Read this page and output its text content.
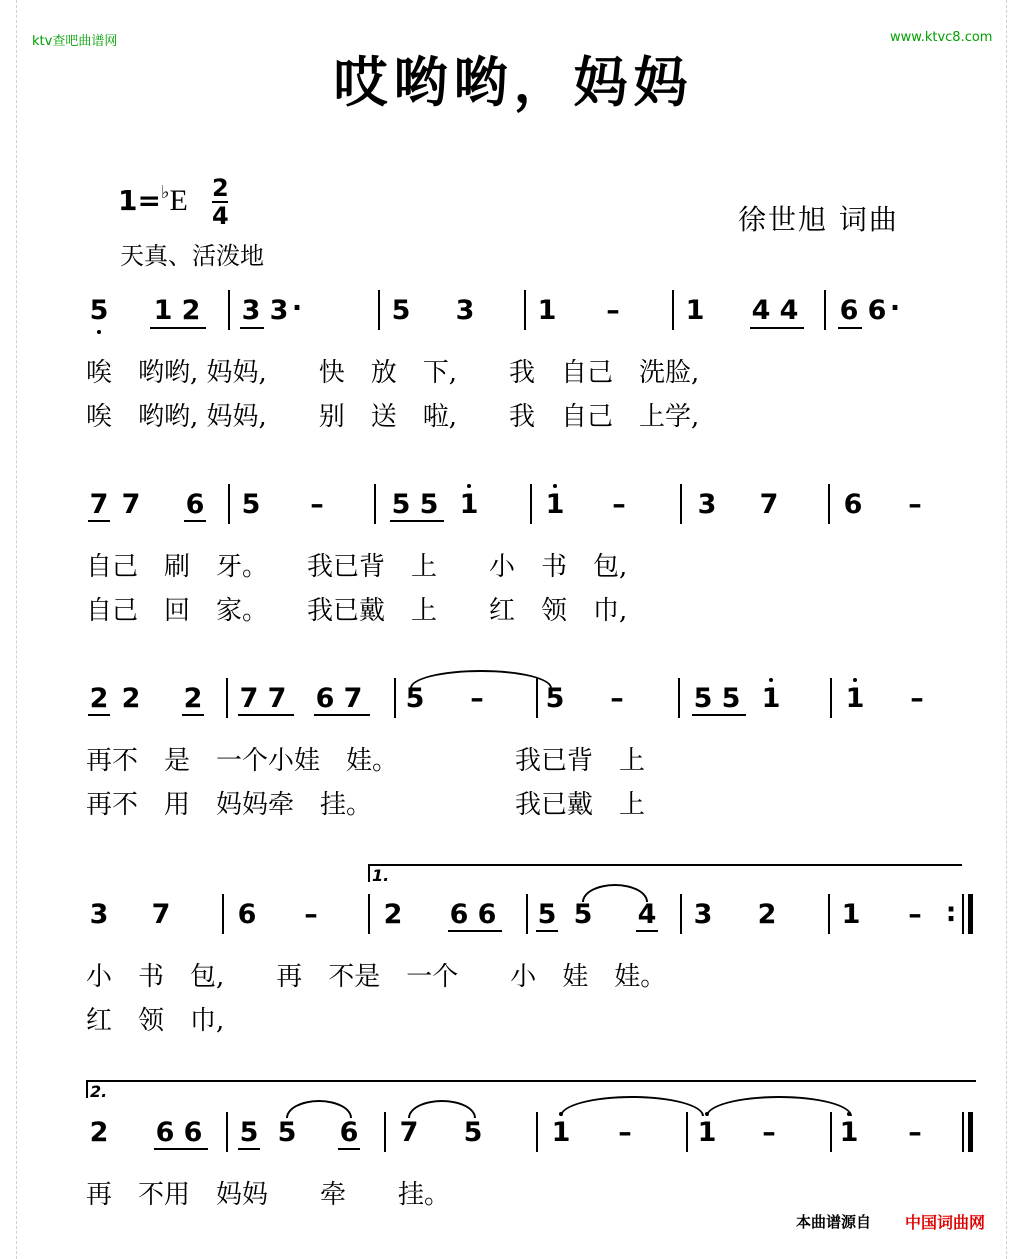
ktv查吧曲谱网	www.ktvc8.com
哎哟哟，妈妈
1=♭E 2
4
天真、活泼地
徐世旭 词曲
5 1 2 3 3 ·	5 3 1	–	1 4 4 6 6 ·
唉　哟哟, 妈妈,　　快　放　下,　　我　自己　洗脸,
唉　哟哟, 妈妈,　　别　送　啦,　　我　自己　上学,
7 7 6 5	–	5 5 1 1	–	3 7 6	–
自己　刷　牙。　　我已背　上　　小　书　包,
自己　回　家。　　我已戴　上　　红　领　巾,
2 2 2 7 7 6 7 5	–	5	–	5 5 1 1	–
再不　是　一个小娃　娃。　　　　　我已背　上
再不　用　妈妈牵　挂。　　　　　　我已戴　上
1.
3 7 6	–	2 6 6 5 5 4 3 2 1	– :
小　书　包,　　再　不是　一个　　小　娃　娃。
红　领　巾,
2.
2 6 6 5 5 6 7 5	1	–	1	–	1	–
再　不用　妈妈　　牵　　挂。
本曲谱源自 中国词曲网
